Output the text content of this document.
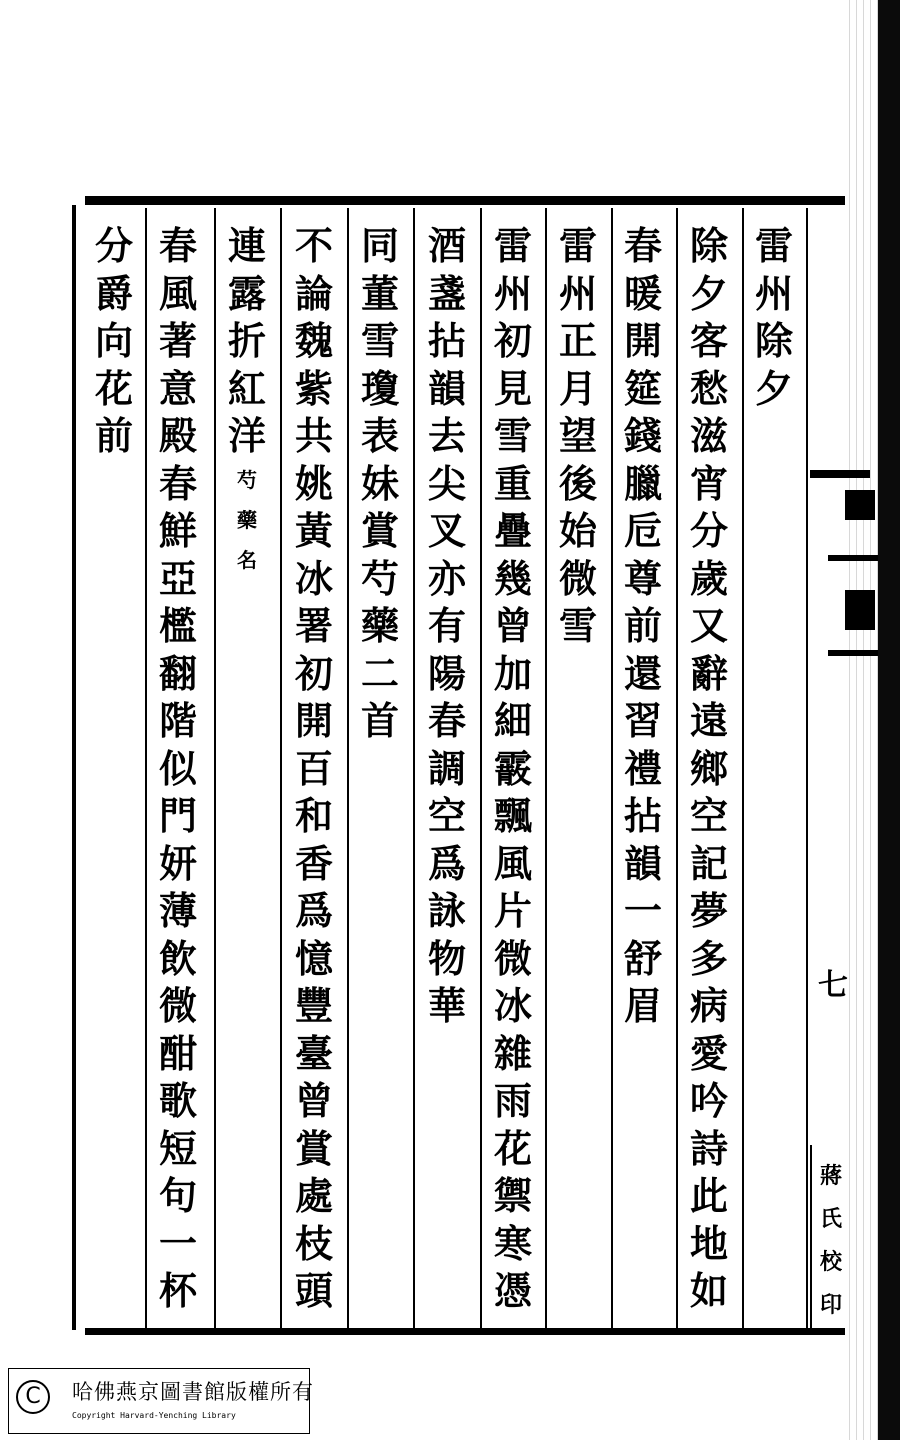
雷州除夕
除夕客愁滋宵分歲又辭遠鄉空記夢多病愛吟詩此地如
春暖開筵錢臘卮尊前還習禮拈韻一舒眉
雷州正月望後始微雪
雷州初見雪重疊幾曾加細霰飄風片微冰雜雨花禦寒憑
酒盞拈韻去尖叉亦有陽春調空爲詠物華
同董雪瓊表妹賞芍藥二首
不論魏紫共姚黃冰署初開百和香爲憶豐臺曾賞處枝頭
連露折紅洋
芍藥名
春風著意殿春鮮亞檻翻階似門妍薄飲微酣歌短句一杯
分爵向花前
七
蔣氏校印
C	哈佛燕京圖書館版權所有
Copyright Harvard-Yenching Library
